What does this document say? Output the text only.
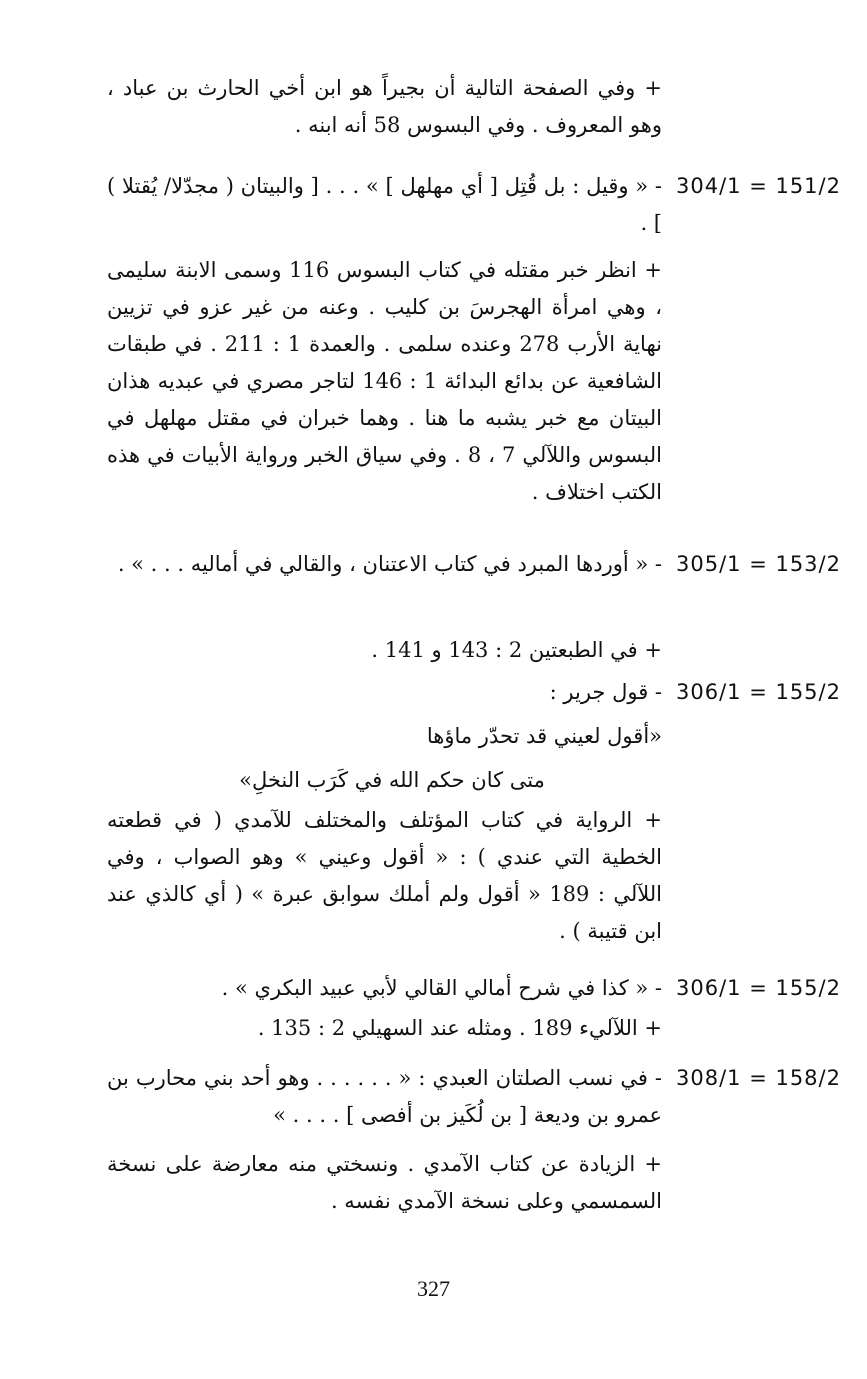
+ وفي الصفحة التالية أن بجيراً هو ابن أخي الحارث بن عباد ، وهو المعروف . وفي البسوس 58 أنه ابنه .
304/1 = 151/2
- « وقيل : بل قُتِل [ أي مهلهل ] » . . . [ والبيتان ( مجدّلا/ يُقتلا ) ] .
+ انظر خبر مقتله في كتاب البسوس 116 وسمى الابنة سليمى ، وهي امرأة الهجرسَ بن كليب . وعنه من غير عزو في تزيين نهاية الأرب 278 وعنده سلمى . والعمدة 1 : 211 . في طبقات الشافعية عن بدائع البدائة 1 : 146 لتاجر مصري في عبديه هذان البيتان مع خبر يشبه ما هنا . وهما خبران في مقتل مهلهل في البسوس واللآلي 7 ، 8 . وفي سياق الخبر ورواية الأبيات في هذه الكتب اختلاف .
305/1 = 153/2
- « أوردها المبرد في كتاب الاعتنان ، والقالي في أماليه . . . » .
+ في الطبعتين 2 : 143 و 141 .
306/1 = 155/2
- قول جرير :
«أقول لعيني قد تحدّر ماؤها
متى كان حكم الله في كَرَب النخلِ»
+ الرواية في كتاب المؤتلف والمختلف للآمدي ( في قطعته الخطية التي عندي ) : « أقول وعيني » وهو الصواب ، وفي اللآلي : 189 « أقول ولم أملك سوابق عبرة » ( أي كالذي عند ابن قتيبة ) .
306/1 = 155/2
- « كذا في شرح أمالي القالي لأبي عبيد البكري » .
+ اللآليء 189 . ومثله عند السهيلي 2 : 135 .
308/1 = 158/2
- في نسب الصلتان العبدي : « . . . . . . وهو أحد بني محارب بن عمرو بن وديعة [ بن لُكَيز بن أفصى ] . . . . »
+ الزيادة عن كتاب الآمدي . ونسختي منه معارضة على نسخة السمسمي وعلى نسخة الآمدي نفسه .
327
